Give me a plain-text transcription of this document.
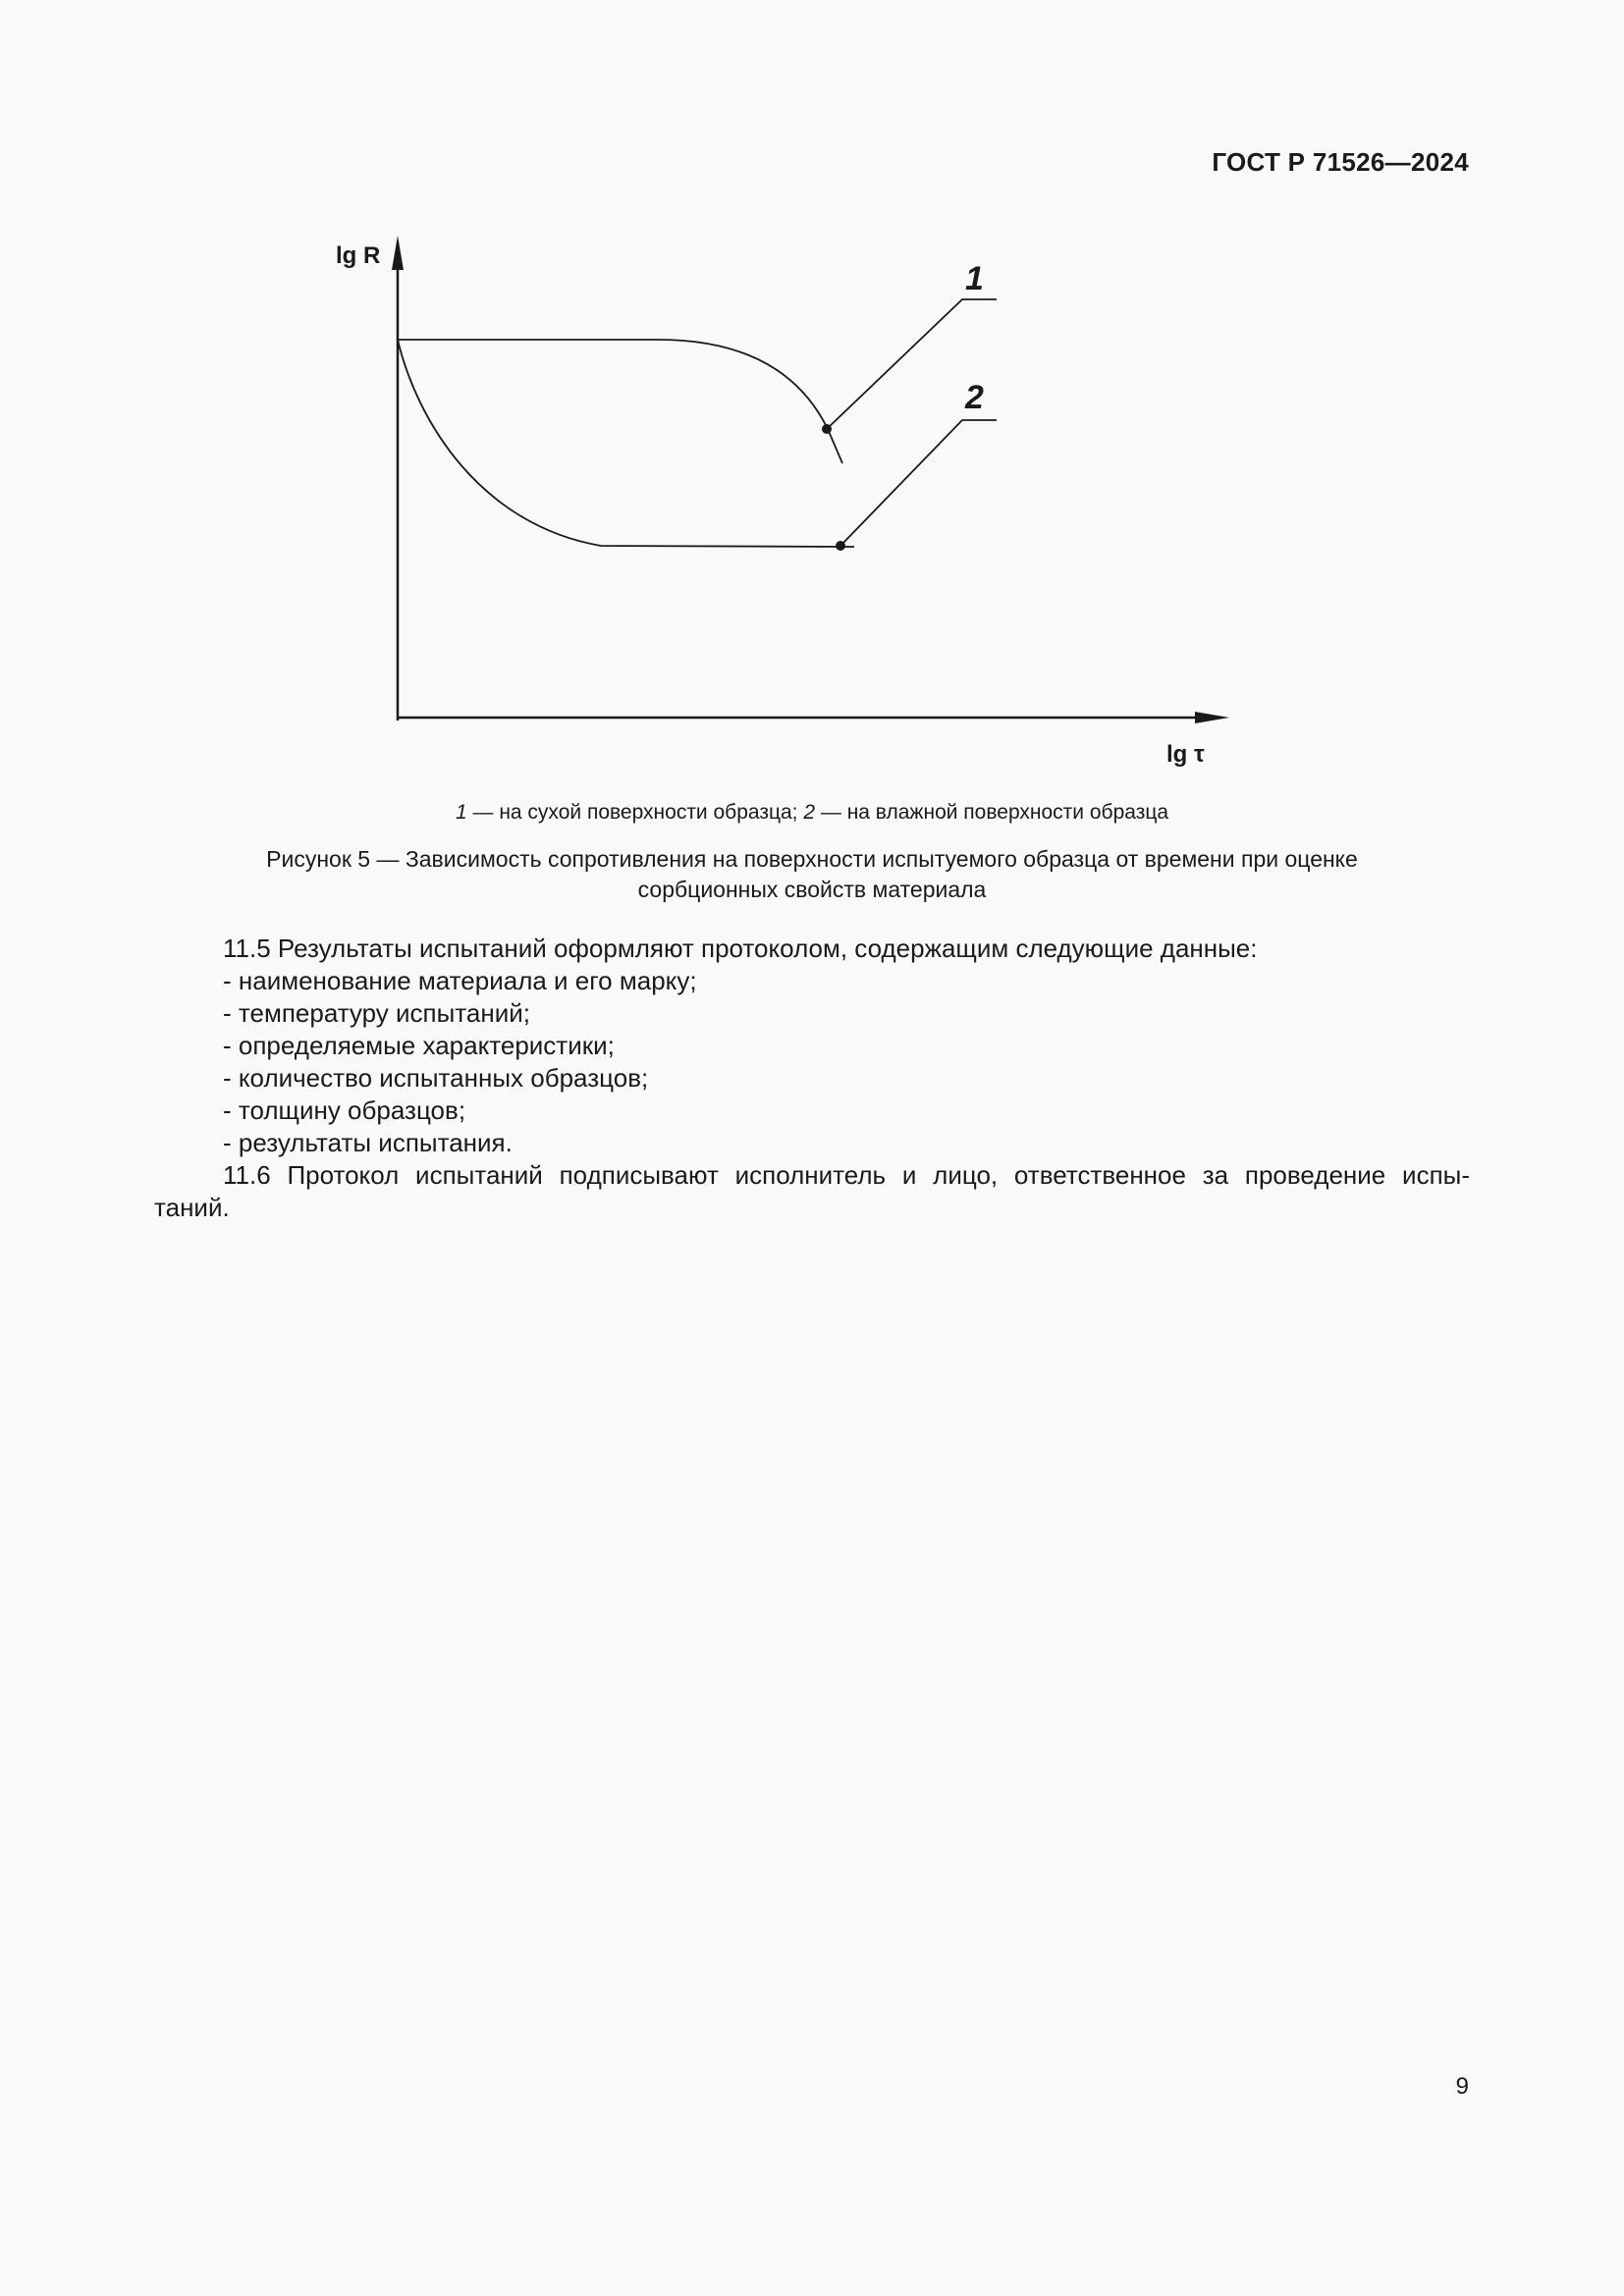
ГОСТ Р 71526—2024
lg R
lg τ
1
2
1 — на сухой поверхности образца; 2 — на влажной поверхности образца
Рисунок 5 — Зависимость сопротивления на поверхности испытуемого образца от времени при оценке
сорбционных свойств материала

11.5 Результаты испытаний оформляют протоколом, содержащим следующие данные:

- наименование материала и его марку;

- температуру испытаний;

- определяемые характеристики;

- количество испытанных образцов;

- толщину образцов;

- результаты испытания.

11.6 Протокол испытаний подписывают исполнитель и лицо, ответственное за проведение испы-

таний.

9
